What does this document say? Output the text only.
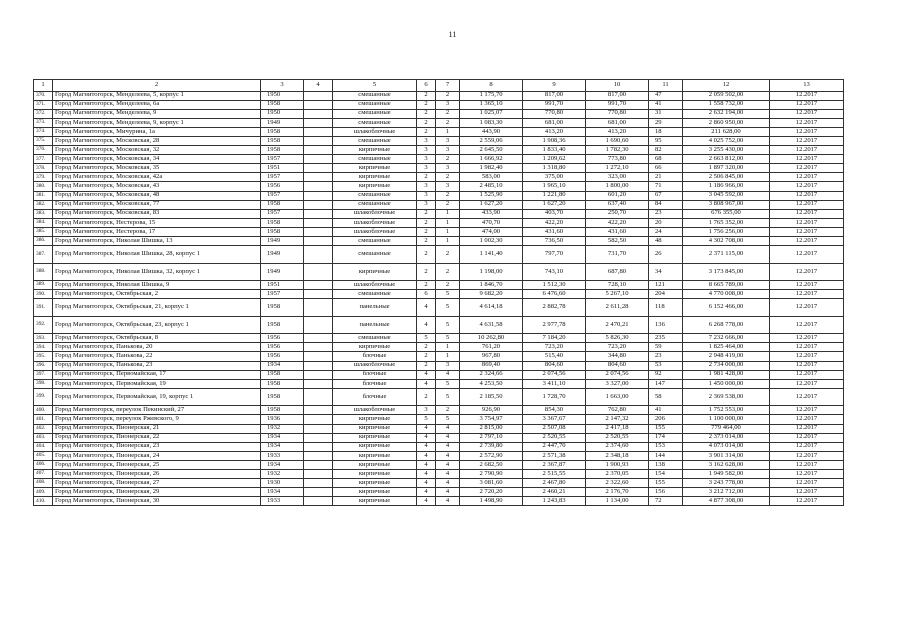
11
1	2	3	4	5	6	7	8	9	10	11	12	13
370.	Город Магнитогорск, Менделеева, 5, корпус 1	1950		смешанные	2	2	1 175,70	817,00	817,00	47	2 059 502,00	12.2017
371.	Город Магнитогорск, Менделеева, 6а	1958		смешанные	2	3	1 365,10	991,70	991,70	41	1 558 732,00	12.2017
372.	Город Магнитогорск, Менделеева, 9	1950		смешанные	2	2	1 025,07	770,80	770,80	31	2 632 194,00	12.2017
373.	Город Магнитогорск, Менделеева, 9, корпус 1	1949		смешанные	2	2	1 083,30	681,00	681,00	29	2 860 950,00	12.2017
374.	Город Магнитогорск, Мичурина, 1а	1958		шлакоблочные	2	1	443,90	413,20	413,20	18	211 628,00	12.2017
375.	Город Магнитогорск, Московская, 28	1958		смешанные	3	3	2 559,06	1 908,36	1 690,60	95	4 025 752,00	12.2017
376.	Город Магнитогорск, Московская, 32	1958		кирпичные	3	3	2 645,50	1 833,40	1 782,30	82	3 255 430,00	12.2017
377.	Город Магнитогорск, Московская, 34	1957		смешанные	3	2	1 666,92	1 209,62	773,80	68	2 663 812,00	12.2017
378.	Город Магнитогорск, Московская, 35	1951		кирпичные	3	3	1 982,40	1 318,80	1 272,10	66	1 897 320,00	12.2017
379.	Город Магнитогорск, Московская, 42а	1957		кирпичные	2	2	583,00	375,00	323,00	21	2 506 845,00	12.2017
380.	Город Магнитогорск, Московская, 43	1956		кирпичные	3	3	2 485,10	1 965,10	1 800,00	71	1 186 966,00	12.2017
381.	Город Магнитогорск, Московская, 48	1957		смешанные	3	2	1 525,90	1 221,80	601,20	67	3 045 592,00	12.2017
382.	Город Магнитогорск, Московская, 77	1958		смешанные	3	2	1 627,20	1 627,20	637,40	84	3 808 967,00	12.2017
383.	Город Магнитогорск, Московская, 83	1957		шлакоблочные	2	1	433,90	403,70	250,70	23	676 355,00	12.2017
384.	Город Магнитогорск, Нестерова, 15	1958		шлакоблочные	2	1	470,70	422,20	422,20	20	1 765 352,00	12.2017
385.	Город Магнитогорск, Нестерова, 17	1958		шлакоблочные	2	1	474,00	431,60	431,60	24	1 756 256,00	12.2017
386.	Город Магнитогорск, Николая Шишка, 13	1949		смешанные	2	1	1 002,30	736,50	582,50	48	4 302 708,00	12.2017
387.	Город Магнитогорск, Николая Шишка, 28, корпус 1	1949		смешанные	2	2	1 141,40	797,70	731,70	26	2 371 115,00	12.2017
388.	Город Магнитогорск, Николая Шишка, 32, корпус 1	1949		кирпичные	2	2	1 198,00	743,10	687,80	34	3 173 845,00	12.2017
389.	Город Магнитогорск, Николая Шишка, 9	1951		шлакоблочные	2	2	1 846,70	1 512,30	728,10	121	8 665 789,00	12.2017
390.	Город Магнитогорск, Октябрьская, 2	1957		смешанные	6	5	9 682,20	6 476,60	5 267,10	204	4 770 008,00	12.2017
391.	Город Магнитогорск, Октябрьская, 21, корпус 1	1958		панельные	4	5	4 614,18	2 882,78	2 611,28	118	6 152 466,00	12.2017
392.	Город Магнитогорск, Октябрьская, 23, корпус 1	1958		панельные	4	5	4 631,58	2 977,78	2 470,21	136	6 268 778,00	12.2017
393.	Город Магнитогорск, Октябрьская, 8	1956		смешанные	5	5	10 262,80	7 184,20	5 826,30	235	7 232 666,00	12.2017
394.	Город Магнитогорск, Панькова, 20	1956		кирпичные	2	1	761,20	723,20	723,20	59	1 825 464,00	12.2017
395.	Город Магнитогорск, Панькова, 22	1956		блочные	2	1	967,80	515,40	344,80	23	2 948 419,00	12.2017
396.	Город Магнитогорск, Панькова, 23	1934		шлакоблочные	2	3	869,40	804,60	804,60	53	2 734 000,00	12.2017
397.	Город Магнитогорск, Первомайская, 17	1958		блочные	4	4	2 324,66	2 074,56	2 074,56	92	1 981 428,00	12.2017
398.	Город Магнитогорск, Первомайская, 19	1958		блочные	4	5	4 253,50	3 411,10	3 327,00	147	1 450 000,00	12.2017
399.	Город Магнитогорск, Первомайская, 19, корпус 1	1958		блочные	2	5	2 185,50	1 728,70	1 663,00	58	2 369 538,00	12.2017
400.	Город Магнитогорск, переулок Пекинский, 27	1958		шлакоблочные	3	2	926,90	854,30	762,80	41	1 752 553,00	12.2017
401.	Город Магнитогорск, переулок Ржевского, 9	1936		кирпичные	5	5	3 754,97	3 367,67	2 147,32	206	1 100 000,00	12.2017
402.	Город Магнитогорск, Пионерская, 21	1932		кирпичные	4	4	2 815,00	2 507,08	2 417,18	155	779 464,00	12.2017
403.	Город Магнитогорск, Пионерская, 22	1934		кирпичные	4	4	2 797,10	2 520,55	2 520,55	174	2 373 014,00	12.2017
404.	Город Магнитогорск, Пионерская, 23	1934		кирпичные	4	4	2 739,80	2 447,70	2 374,60	153	4 073 014,00	12.2017
405.	Город Магнитогорск, Пионерская, 24	1933		кирпичные	4	4	2 572,90	2 571,38	2 348,18	144	3 901 314,00	12.2017
406.	Город Магнитогорск, Пионерская, 25	1934		кирпичные	4	4	2 682,50	2 367,87	1 900,93	138	3 162 628,00	12.2017
407.	Город Магнитогорск, Пионерская, 26	1932		кирпичные	4	4	2 790,90	2 515,55	2 370,05	154	1 949 582,00	12.2017
408.	Город Магнитогорск, Пионерская, 27	1930		кирпичные	4	4	3 081,60	2 467,80	2 322,60	155	3 243 778,00	12.2017
409.	Город Магнитогорск, Пионерская, 29	1934		кирпичные	4	4	2 720,20	2 460,21	2 176,70	156	3 212 712,00	12.2017
410.	Город Магнитогорск, Пионерская, 30	1933		кирпичные	4	4	1 498,90	1 243,83	1 134,00	72	4 877 308,00	12.2017
